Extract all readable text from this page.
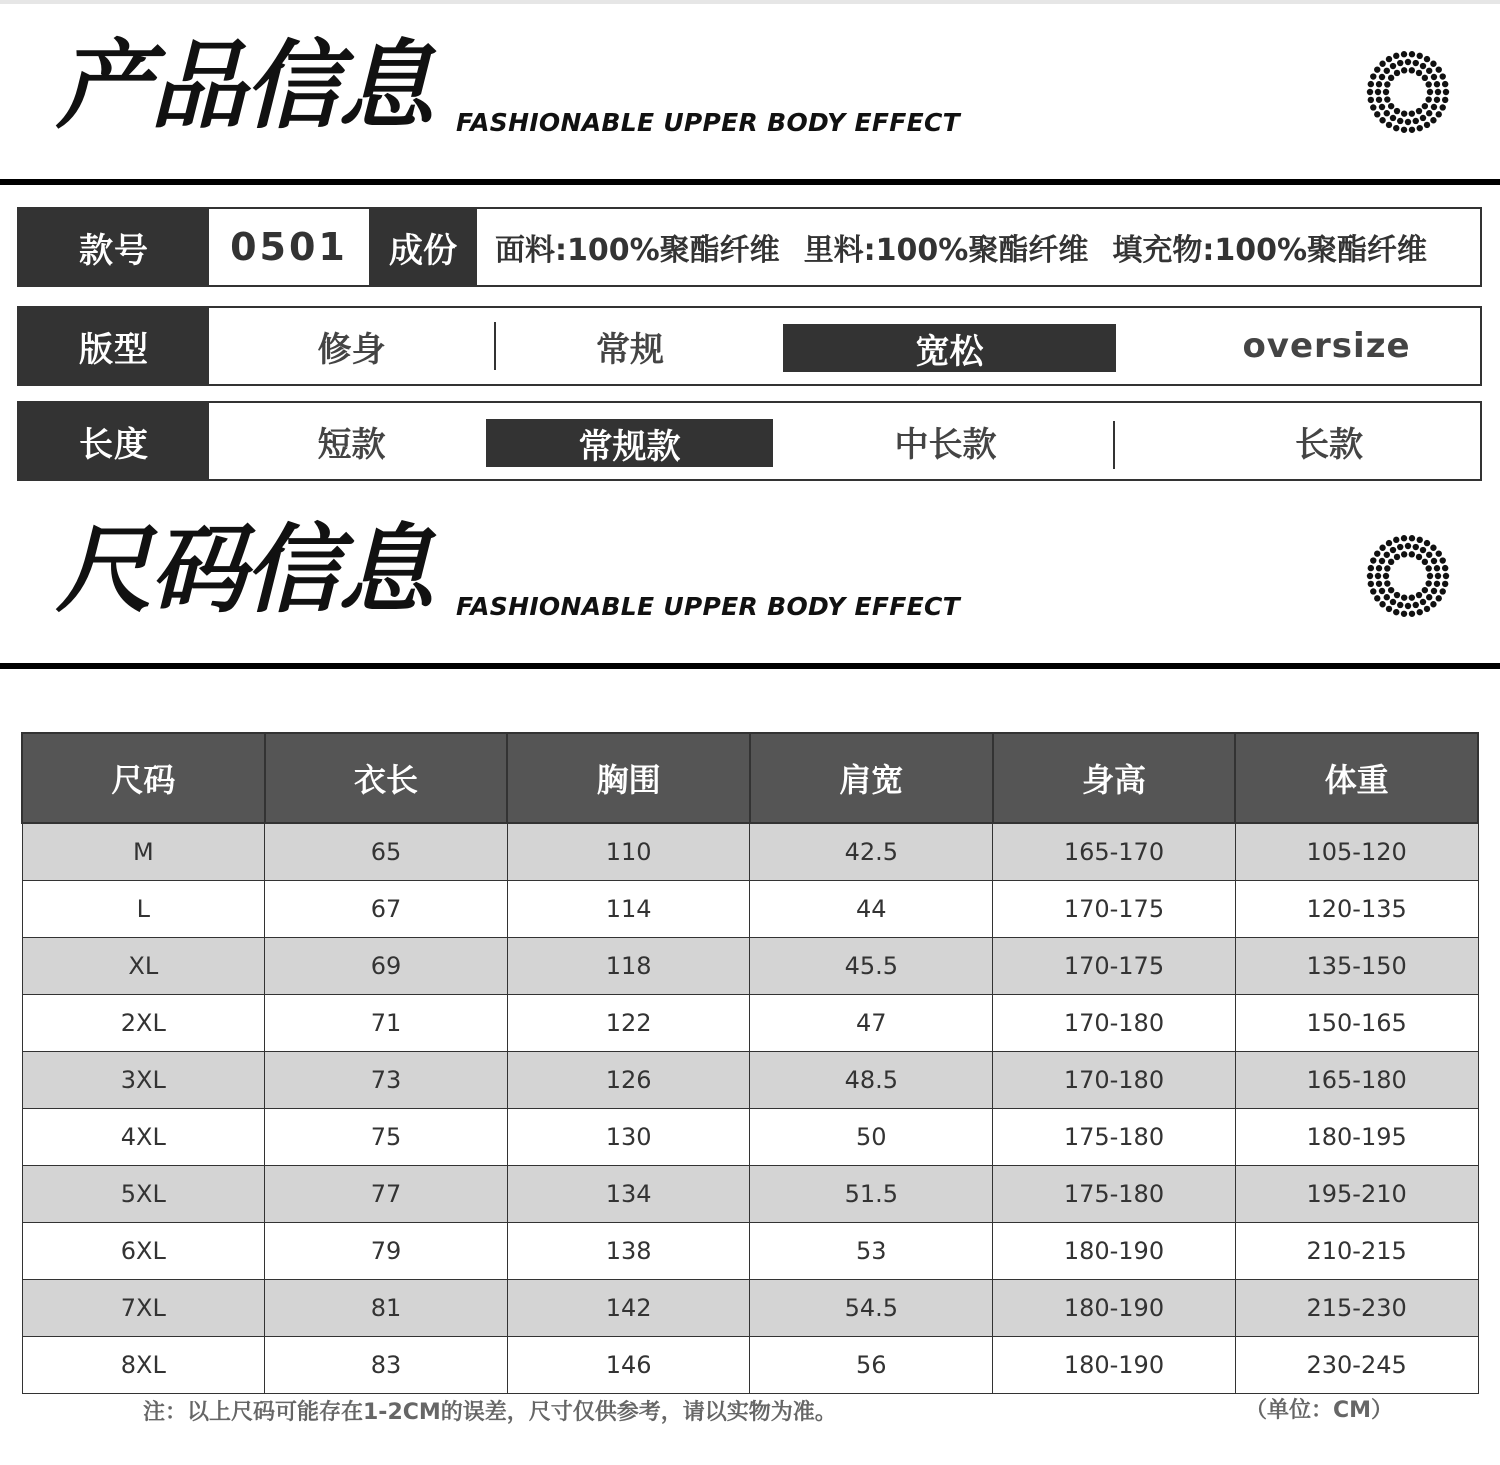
产品信息 FASHIONABLE UPPER BODY EFFECT
款号	0501	成份	面料:100%聚酯纤维 里料:100%聚酯纤维 填充物:100%聚酯纤维
版型	修身	常规	宽松	oversize
长度	短款	常规款	中长款	长款
尺码信息 FASHIONABLE UPPER BODY EFFECT
尺码	衣长	胸围	肩宽	身高	体重
M	65	110	42.5	165-170	105-120
L	67	114	44	170-175	120-135
XL	69	118	45.5	170-175	135-150
2XL	71	122	47	170-180	150-165
3XL	73	126	48.5	170-180	165-180
4XL	75	130	50	175-180	180-195
5XL	77	134	51.5	175-180	195-210
6XL	79	138	53	180-190	210-215
7XL	81	142	54.5	180-190	215-230
8XL	83	146	56	180-190	230-245
注：以上尺码可能存在1-2CM的误差，尺寸仅供参考，请以实物为准。	（单位：CM）
